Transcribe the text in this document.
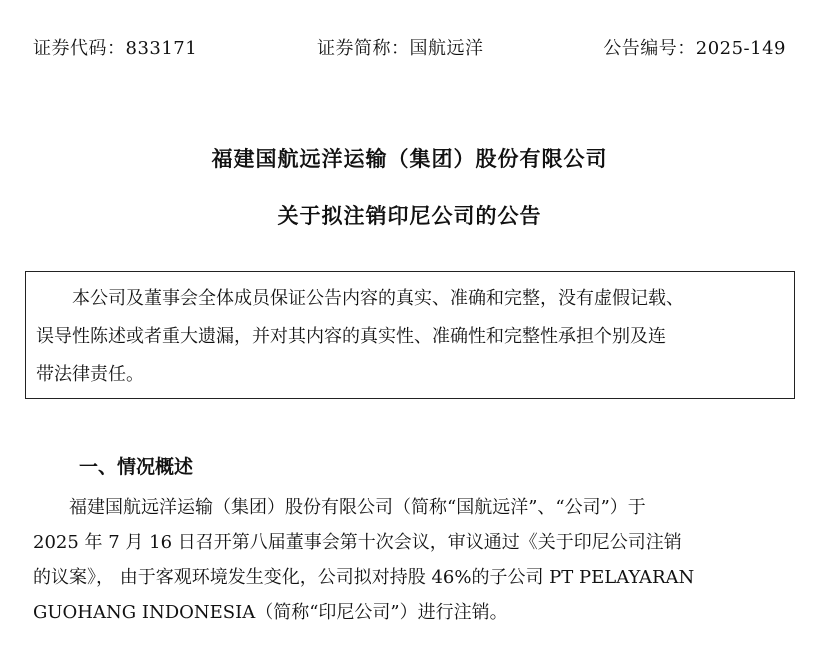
证券代码：833171	证券简称：国航远洋	公告编号：2025-149
福建国航远洋运输（集团）股份有限公司
关于拟注销印尼公司的公告
本公司及董事会全体成员保证公告内容的真实、准确和完整，没有虚假记载、
误导性陈述或者重大遗漏，并对其内容的真实性、准确性和完整性承担个别及连
带法律责任。
一、情况概述
福建国航远洋运输（集团）股份有限公司（简称“国航远洋”、“公司”）于
2025 年 7 月 16 日召开第八届董事会第十次会议，审议通过《关于印尼公司注销
的议案》， 由于客观环境发生变化，公司拟对持股 46%的子公司 PT PELAYARAN
GUOHANG INDONESIA（简称“印尼公司”）进行注销。
